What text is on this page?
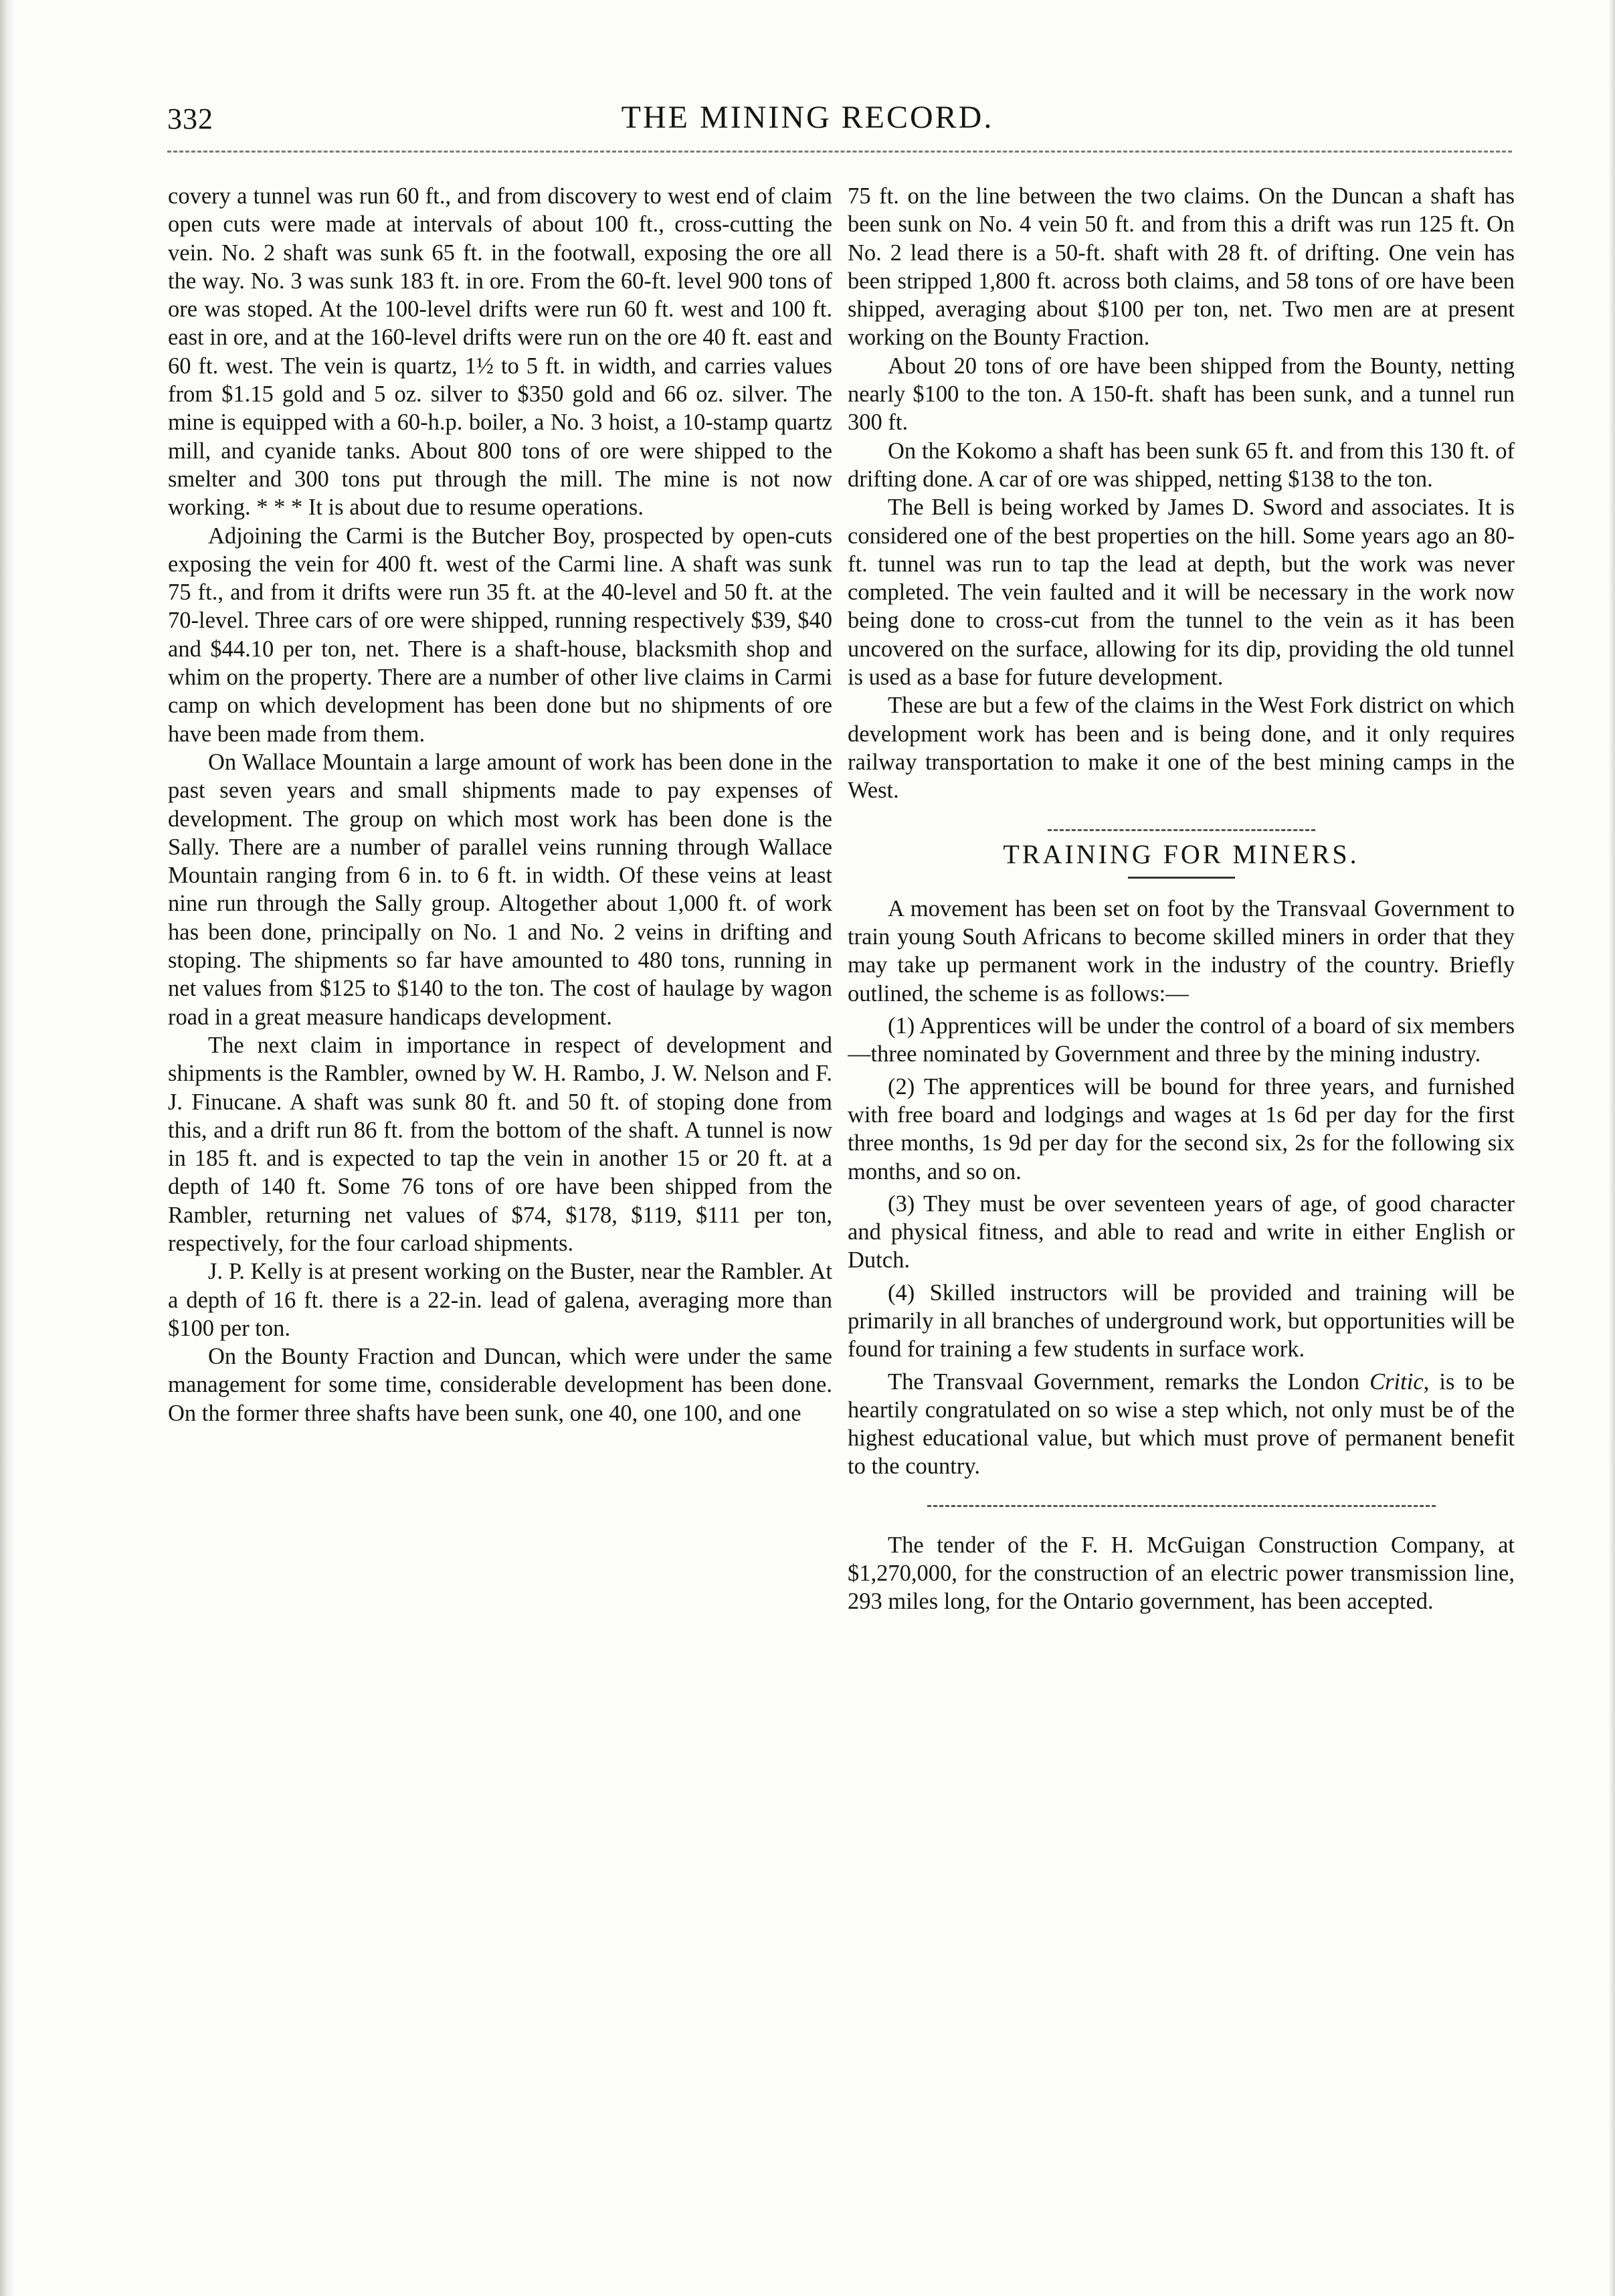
332	THE MINING RECORD.

covery a tunnel was run 60 ft., and from discovery to west end of claim open cuts were made at intervals of about 100 ft., cross-cutting the vein. No. 2 shaft was sunk 65 ft. in the footwall, exposing the ore all the way. No. 3 was sunk 183 ft. in ore. From the 60-ft. level 900 tons of ore was stoped. At the 100-level drifts were run 60 ft. west and 100 ft. east in ore, and at the 160-level drifts were run on the ore 40 ft. east and 60 ft. west. The vein is quartz, 1½ to 5 ft. in width, and carries values from $1.15 gold and 5 oz. silver to $350 gold and 66 oz. silver. The mine is equipped with a 60-h.p. boiler, a No. 3 hoist, a 10-stamp quartz mill, and cyanide tanks. About 800 tons of ore were shipped to the smelter and 300 tons put through the mill. The mine is not now working. * * * It is about due to resume operations.

Adjoining the Carmi is the Butcher Boy, prospected by open-cuts exposing the vein for 400 ft. west of the Carmi line. A shaft was sunk 75 ft., and from it drifts were run 35 ft. at the 40-level and 50 ft. at the 70-level. Three cars of ore were shipped, running respectively $39, $40 and $44.10 per ton, net. There is a shaft-house, blacksmith shop and whim on the property. There are a number of other live claims in Carmi camp on which development has been done but no shipments of ore have been made from them.

On Wallace Mountain a large amount of work has been done in the past seven years and small shipments made to pay expenses of development. The group on which most work has been done is the Sally. There are a number of parallel veins running through Wallace Mountain ranging from 6 in. to 6 ft. in width. Of these veins at least nine run through the Sally group. Altogether about 1,000 ft. of work has been done, principally on No. 1 and No. 2 veins in drifting and stoping. The shipments so far have amounted to 480 tons, running in net values from $125 to $140 to the ton. The cost of haulage by wagon road in a great measure handicaps development.

The next claim in importance in respect of development and shipments is the Rambler, owned by W. H. Rambo, J. W. Nelson and F. J. Finucane. A shaft was sunk 80 ft. and 50 ft. of stoping done from this, and a drift run 86 ft. from the bottom of the shaft. A tunnel is now in 185 ft. and is expected to tap the vein in another 15 or 20 ft. at a depth of 140 ft. Some 76 tons of ore have been shipped from the Rambler, returning net values of $74, $178, $119, $111 per ton, respectively, for the four carload shipments.

J. P. Kelly is at present working on the Buster, near the Rambler. At a depth of 16 ft. there is a 22-in. lead of galena, averaging more than $100 per ton.

On the Bounty Fraction and Duncan, which were under the same management for some time, considerable development has been done. On the former three shafts have been sunk, one 40, one 100, and one

75 ft. on the line between the two claims. On the Duncan a shaft has been sunk on No. 4 vein 50 ft. and from this a drift was run 125 ft. On No. 2 lead there is a 50-ft. shaft with 28 ft. of drifting. One vein has been stripped 1,800 ft. across both claims, and 58 tons of ore have been shipped, averaging about $100 per ton, net. Two men are at present working on the Bounty Fraction.

About 20 tons of ore have been shipped from the Bounty, netting nearly $100 to the ton. A 150-ft. shaft has been sunk, and a tunnel run 300 ft.

On the Kokomo a shaft has been sunk 65 ft. and from this 130 ft. of drifting done. A car of ore was shipped, netting $138 to the ton.

The Bell is being worked by James D. Sword and associates. It is considered one of the best properties on the hill. Some years ago an 80-ft. tunnel was run to tap the lead at depth, but the work was never completed. The vein faulted and it will be necessary in the work now being done to cross-cut from the tunnel to the vein as it has been uncovered on the surface, allowing for its dip, providing the old tunnel is used as a base for future development.

These are but a few of the claims in the West Fork district on which development work has been and is being done, and it only requires railway transportation to make it one of the best mining camps in the West.

TRAINING FOR MINERS.

A movement has been set on foot by the Transvaal Government to train young South Africans to become skilled miners in order that they may take up permanent work in the industry of the country. Briefly outlined, the scheme is as follows:—

(1) Apprentices will be under the control of a board of six members—three nominated by Government and three by the mining industry.

(2) The apprentices will be bound for three years, and furnished with free board and lodgings and wages at 1s 6d per day for the first three months, 1s 9d per day for the second six, 2s for the following six months, and so on.

(3) They must be over seventeen years of age, of good character and physical fitness, and able to read and write in either English or Dutch.

(4) Skilled instructors will be provided and training will be primarily in all branches of underground work, but opportunities will be found for training a few students in surface work.

The Transvaal Government, remarks the London Critic, is to be heartily congratulated on so wise a step which, not only must be of the highest educational value, but which must prove of permanent benefit to the country.

The tender of the F. H. McGuigan Construction Company, at $1,270,000, for the construction of an electric power transmission line, 293 miles long, for the Ontario government, has been accepted.
